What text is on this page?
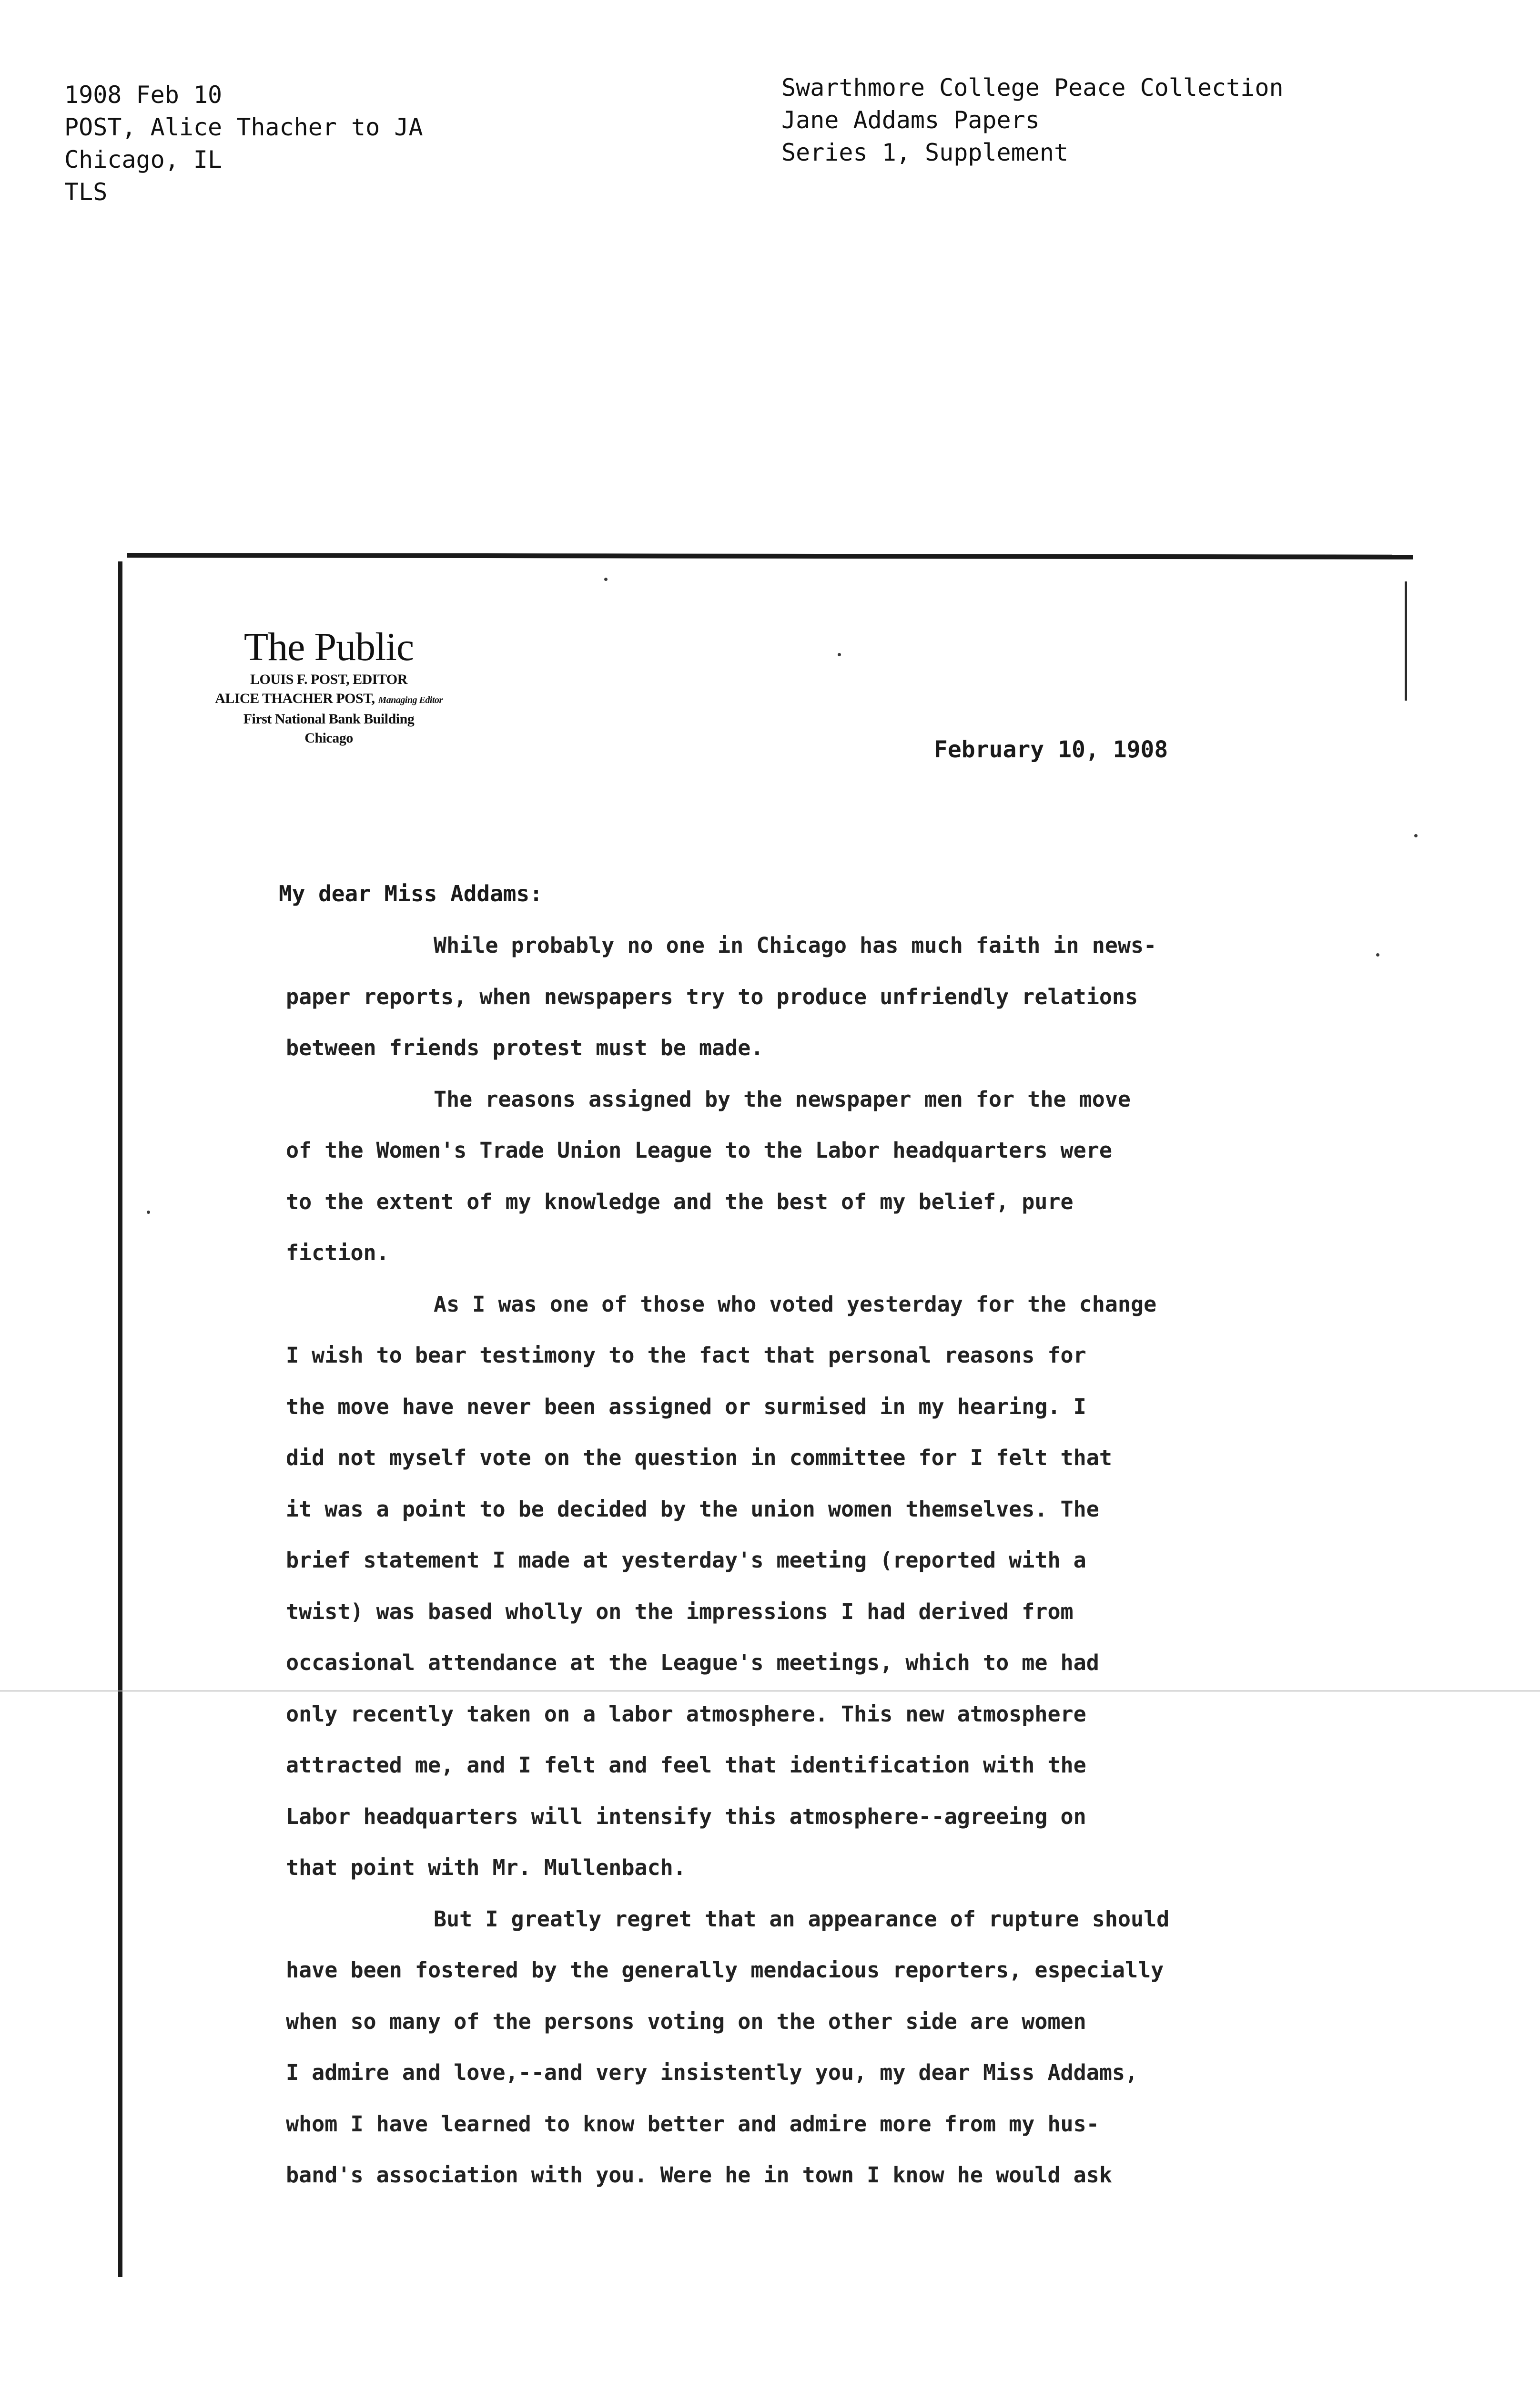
1908 Feb 10
POST, Alice Thacher to JA
Chicago, IL
TLS
Swarthmore College Peace Collection
Jane Addams Papers
Series 1, Supplement
The Public
LOUIS F. POST, EDITOR
ALICE THACHER POST, Managing Editor
First National Bank Building
Chicago	February 10, 1908
My dear Miss Addams:
While probably no one in Chicago has much faith in news-
paper reports, when newspapers try to produce unfriendly relations
between friends protest must be made.
The reasons assigned by the newspaper men for the move
of the Women's Trade Union League to the Labor headquarters were
to the extent of my knowledge and the best of my belief, pure
fiction.
As I was one of those who voted yesterday for the change
I wish to bear testimony to the fact that personal reasons for
the move have never been assigned or surmised in my hearing. I
did not myself vote on the question in committee for I felt that
it was a point to be decided by the union women themselves. The
brief statement I made at yesterday's meeting (reported with a
twist) was based wholly on the impressions I had derived from
occasional attendance at the League's meetings, which to me had
only recently taken on a labor atmosphere. This new atmosphere
attracted me, and I felt and feel that identification with the
Labor headquarters will intensify this atmosphere--agreeing on
that point with Mr. Mullenbach.
But I greatly regret that an appearance of rupture should
have been fostered by the generally mendacious reporters, especially
when so many of the persons voting on the other side are women
I admire and love,--and very insistently you, my dear Miss Addams,
whom I have learned to know better and admire more from my hus-
band's association with you. Were he in town I know he would ask
